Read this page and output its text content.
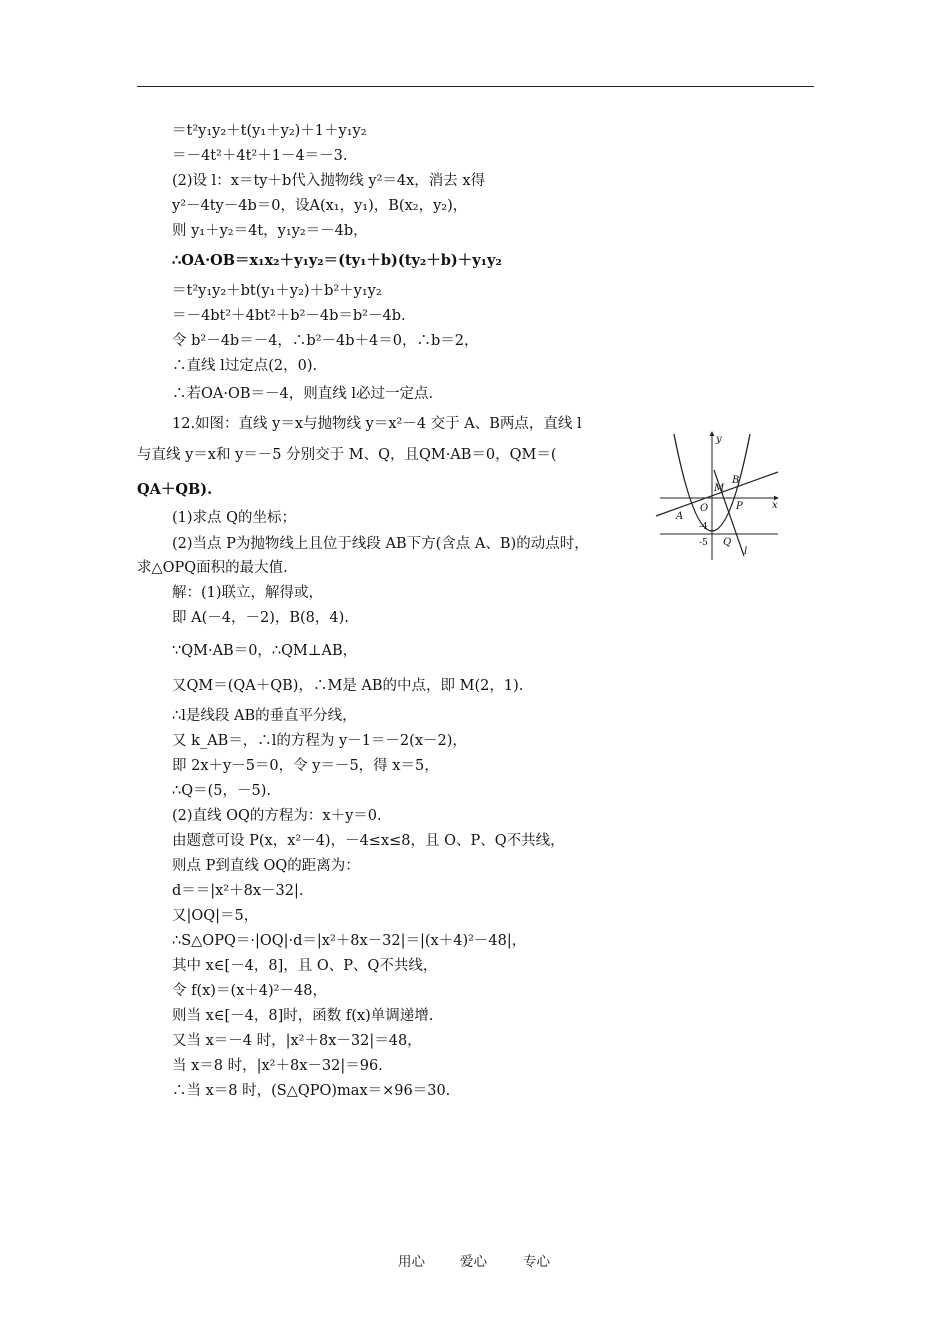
＝t²y₁y₂＋t(y₁＋y₂)＋1＋y₁y₂
＝－4t²＋4t²＋1－4＝－3.
(2)设 l：x＝ty＋b代入抛物线 y²＝4x，消去 x得
y²－4ty－4b＝0，设A(x₁，y₁)，B(x₂，y₂)，
则 y₁＋y₂＝4t，y₁y₂＝－4b，
∴OA·OB＝x₁x₂＋y₁y₂＝(ty₁＋b)(ty₂＋b)＋y₁y₂
＝t²y₁y₂＋bt(y₁＋y₂)＋b²＋y₁y₂
＝－4bt²＋4bt²＋b²－4b＝b²－4b.
令 b²－4b＝－4，∴b²－4b＋4＝0，∴b＝2，
∴直线 l过定点(2，0).
∴若OA·OB＝－4，则直线 l必过一定点.
12.如图：直线 y＝x与抛物线 y＝x²－4 交于 A、B两点，直线 l
与直线 y＝x和 y＝－5 分别交于 M、Q，且QM·AB＝0，QM＝(
QA＋QB).
(1)求点 Q的坐标；
(2)当点 P为抛物线上且位于线段 AB下方(含点 A、B)的动点时，
求△OPQ面积的最大值.
解：(1)联立，解得或，
即 A(－4，－2)，B(8，4).
∵QM·AB＝0，∴QM⊥AB，
又QM＝(QA＋QB)，∴M是 AB的中点，即 M(2，1).
∴l是线段 AB的垂直平分线，
又 k_AB＝，∴l的方程为 y－1＝－2(x－2)，
即 2x＋y－5＝0，令 y＝－5，得 x＝5，
∴Q＝(5，－5).
(2)直线 OQ的方程为：x＋y＝0.
由题意可设 P(x，x²－4)，－4≤x≤8，且 O、P、Q不共线，
则点 P到直线 OQ的距离为：
d＝＝|x²＋8x－32|.
又|OQ|＝5，
∴S△OPQ＝·|OQ|·d＝|x²＋8x－32|＝|(x＋4)²－48|，
其中 x∈[－4，8]，且 O、P、Q不共线，
令 f(x)＝(x＋4)²－48，
则当 x∈[－4，8]时，函数 f(x)单调递增.
又当 x＝－4 时，|x²＋8x－32|＝48，
当 x＝8 时，|x²＋8x－32|＝96.
∴当 x＝8 时，(S△QPO)max＝×96＝30.
y
x
M
B
O	P
A
-4
-5 Q
l
用心	爱心	专心
